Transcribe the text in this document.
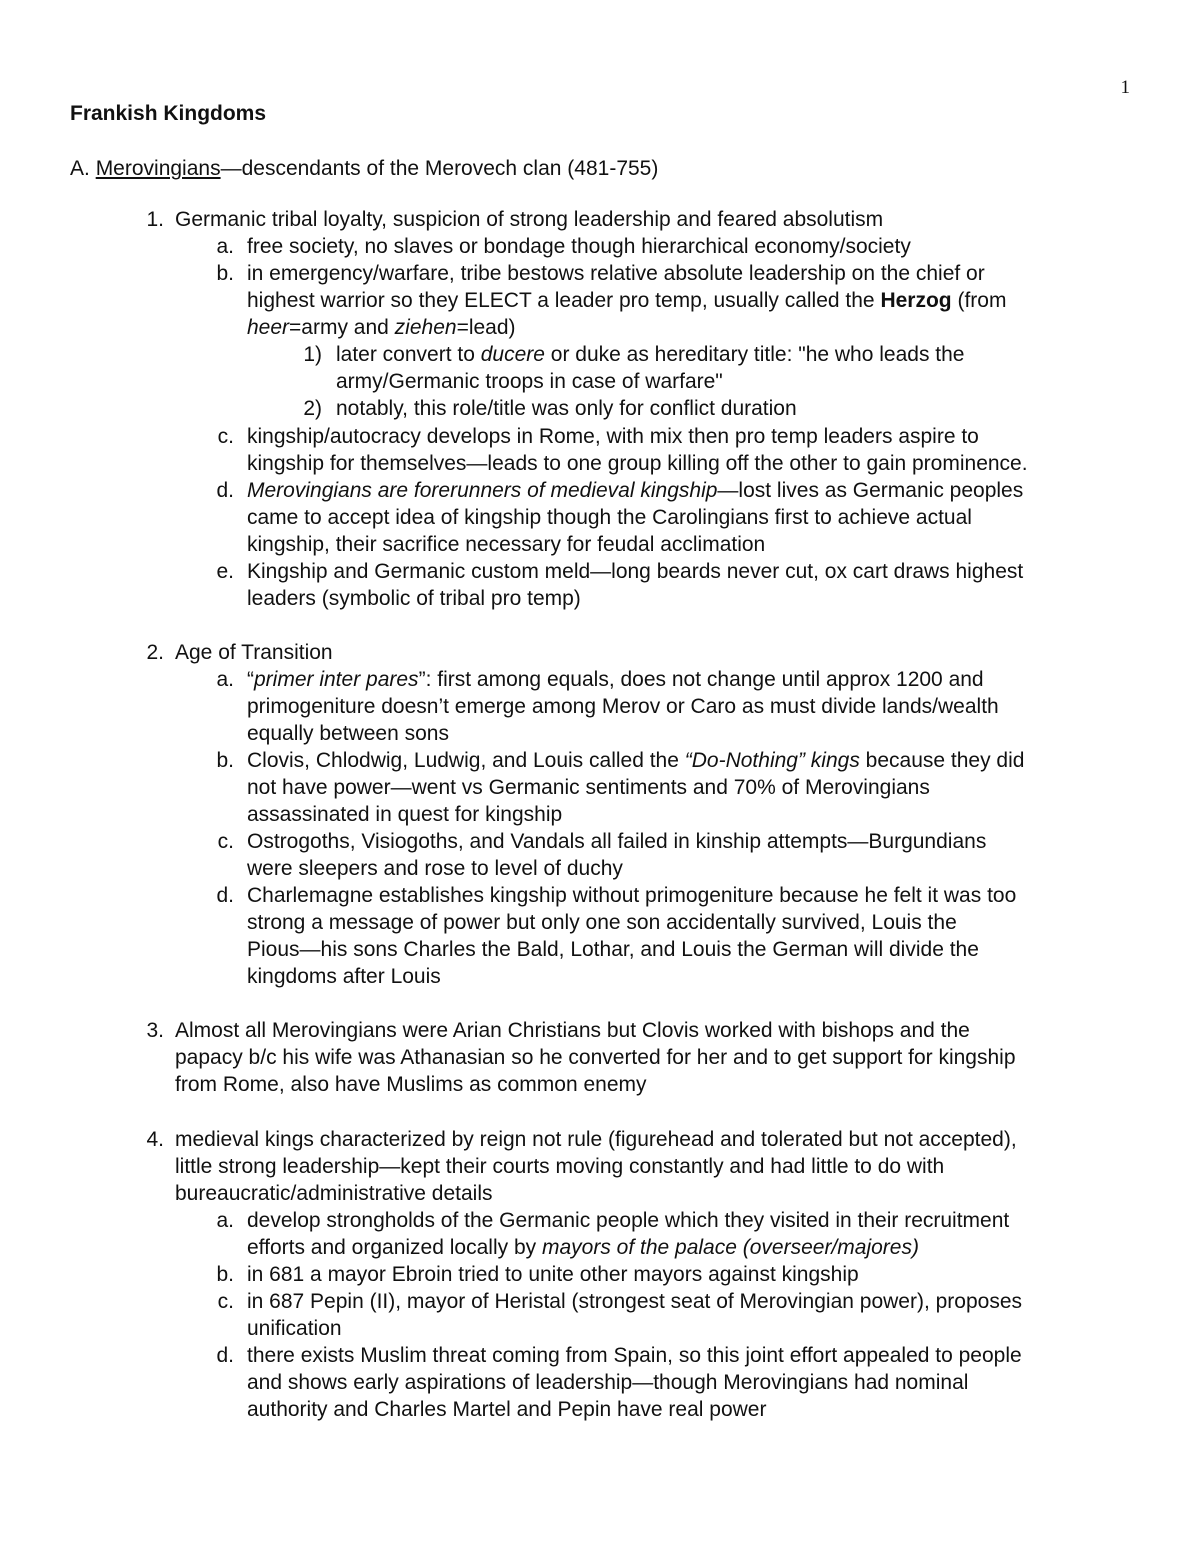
1
Frankish Kingdoms
A. Merovingians—descendants of the Merovech clan (481-755)
1. Germanic tribal loyalty, suspicion of strong leadership and feared absolutism
a. free society, no slaves or bondage though hierarchical economy/society
b. in emergency/warfare, tribe bestows relative absolute leadership on the chief or
highest warrior so they ELECT a leader pro temp, usually called the Herzog (from
heer=army and ziehen=lead)
1) later convert to ducere or duke as hereditary title: "he who leads the
army/Germanic troops in case of warfare"
2) notably, this role/title was only for conflict duration
c. kingship/autocracy develops in Rome, with mix then pro temp leaders aspire to
kingship for themselves—leads to one group killing off the other to gain prominence.
d. Merovingians are forerunners of medieval kingship—lost lives as Germanic peoples
came to accept idea of kingship though the Carolingians first to achieve actual
kingship, their sacrifice necessary for feudal acclimation
e. Kingship and Germanic custom meld—long beards never cut, ox cart draws highest
leaders (symbolic of tribal pro temp)
2. Age of Transition
a. “primer inter pares”: first among equals, does not change until approx 1200 and
primogeniture doesn’t emerge among Merov or Caro as must divide lands/wealth
equally between sons
b. Clovis, Chlodwig, Ludwig, and Louis called the “Do-Nothing” kings because they did
not have power—went vs Germanic sentiments and 70% of Merovingians
assassinated in quest for kingship
c. Ostrogoths, Visiogoths, and Vandals all failed in kinship attempts—Burgundians
were sleepers and rose to level of duchy
d. Charlemagne establishes kingship without primogeniture because he felt it was too
strong a message of power but only one son accidentally survived, Louis the
Pious—his sons Charles the Bald, Lothar, and Louis the German will divide the
kingdoms after Louis
3. Almost all Merovingians were Arian Christians but Clovis worked with bishops and the
papacy b/c his wife was Athanasian so he converted for her and to get support for kingship
from Rome, also have Muslims as common enemy
4. medieval kings characterized by reign not rule (figurehead and tolerated but not accepted),
little strong leadership—kept their courts moving constantly and had little to do with
bureaucratic/administrative details
a. develop strongholds of the Germanic people which they visited in their recruitment
efforts and organized locally by mayors of the palace (overseer/majores)
b. in 681 a mayor Ebroin tried to unite other mayors against kingship
c. in 687 Pepin (II), mayor of Heristal (strongest seat of Merovingian power), proposes
unification
d. there exists Muslim threat coming from Spain, so this joint effort appealed to people
and shows early aspirations of leadership—though Merovingians had nominal
authority and Charles Martel and Pepin have real power
